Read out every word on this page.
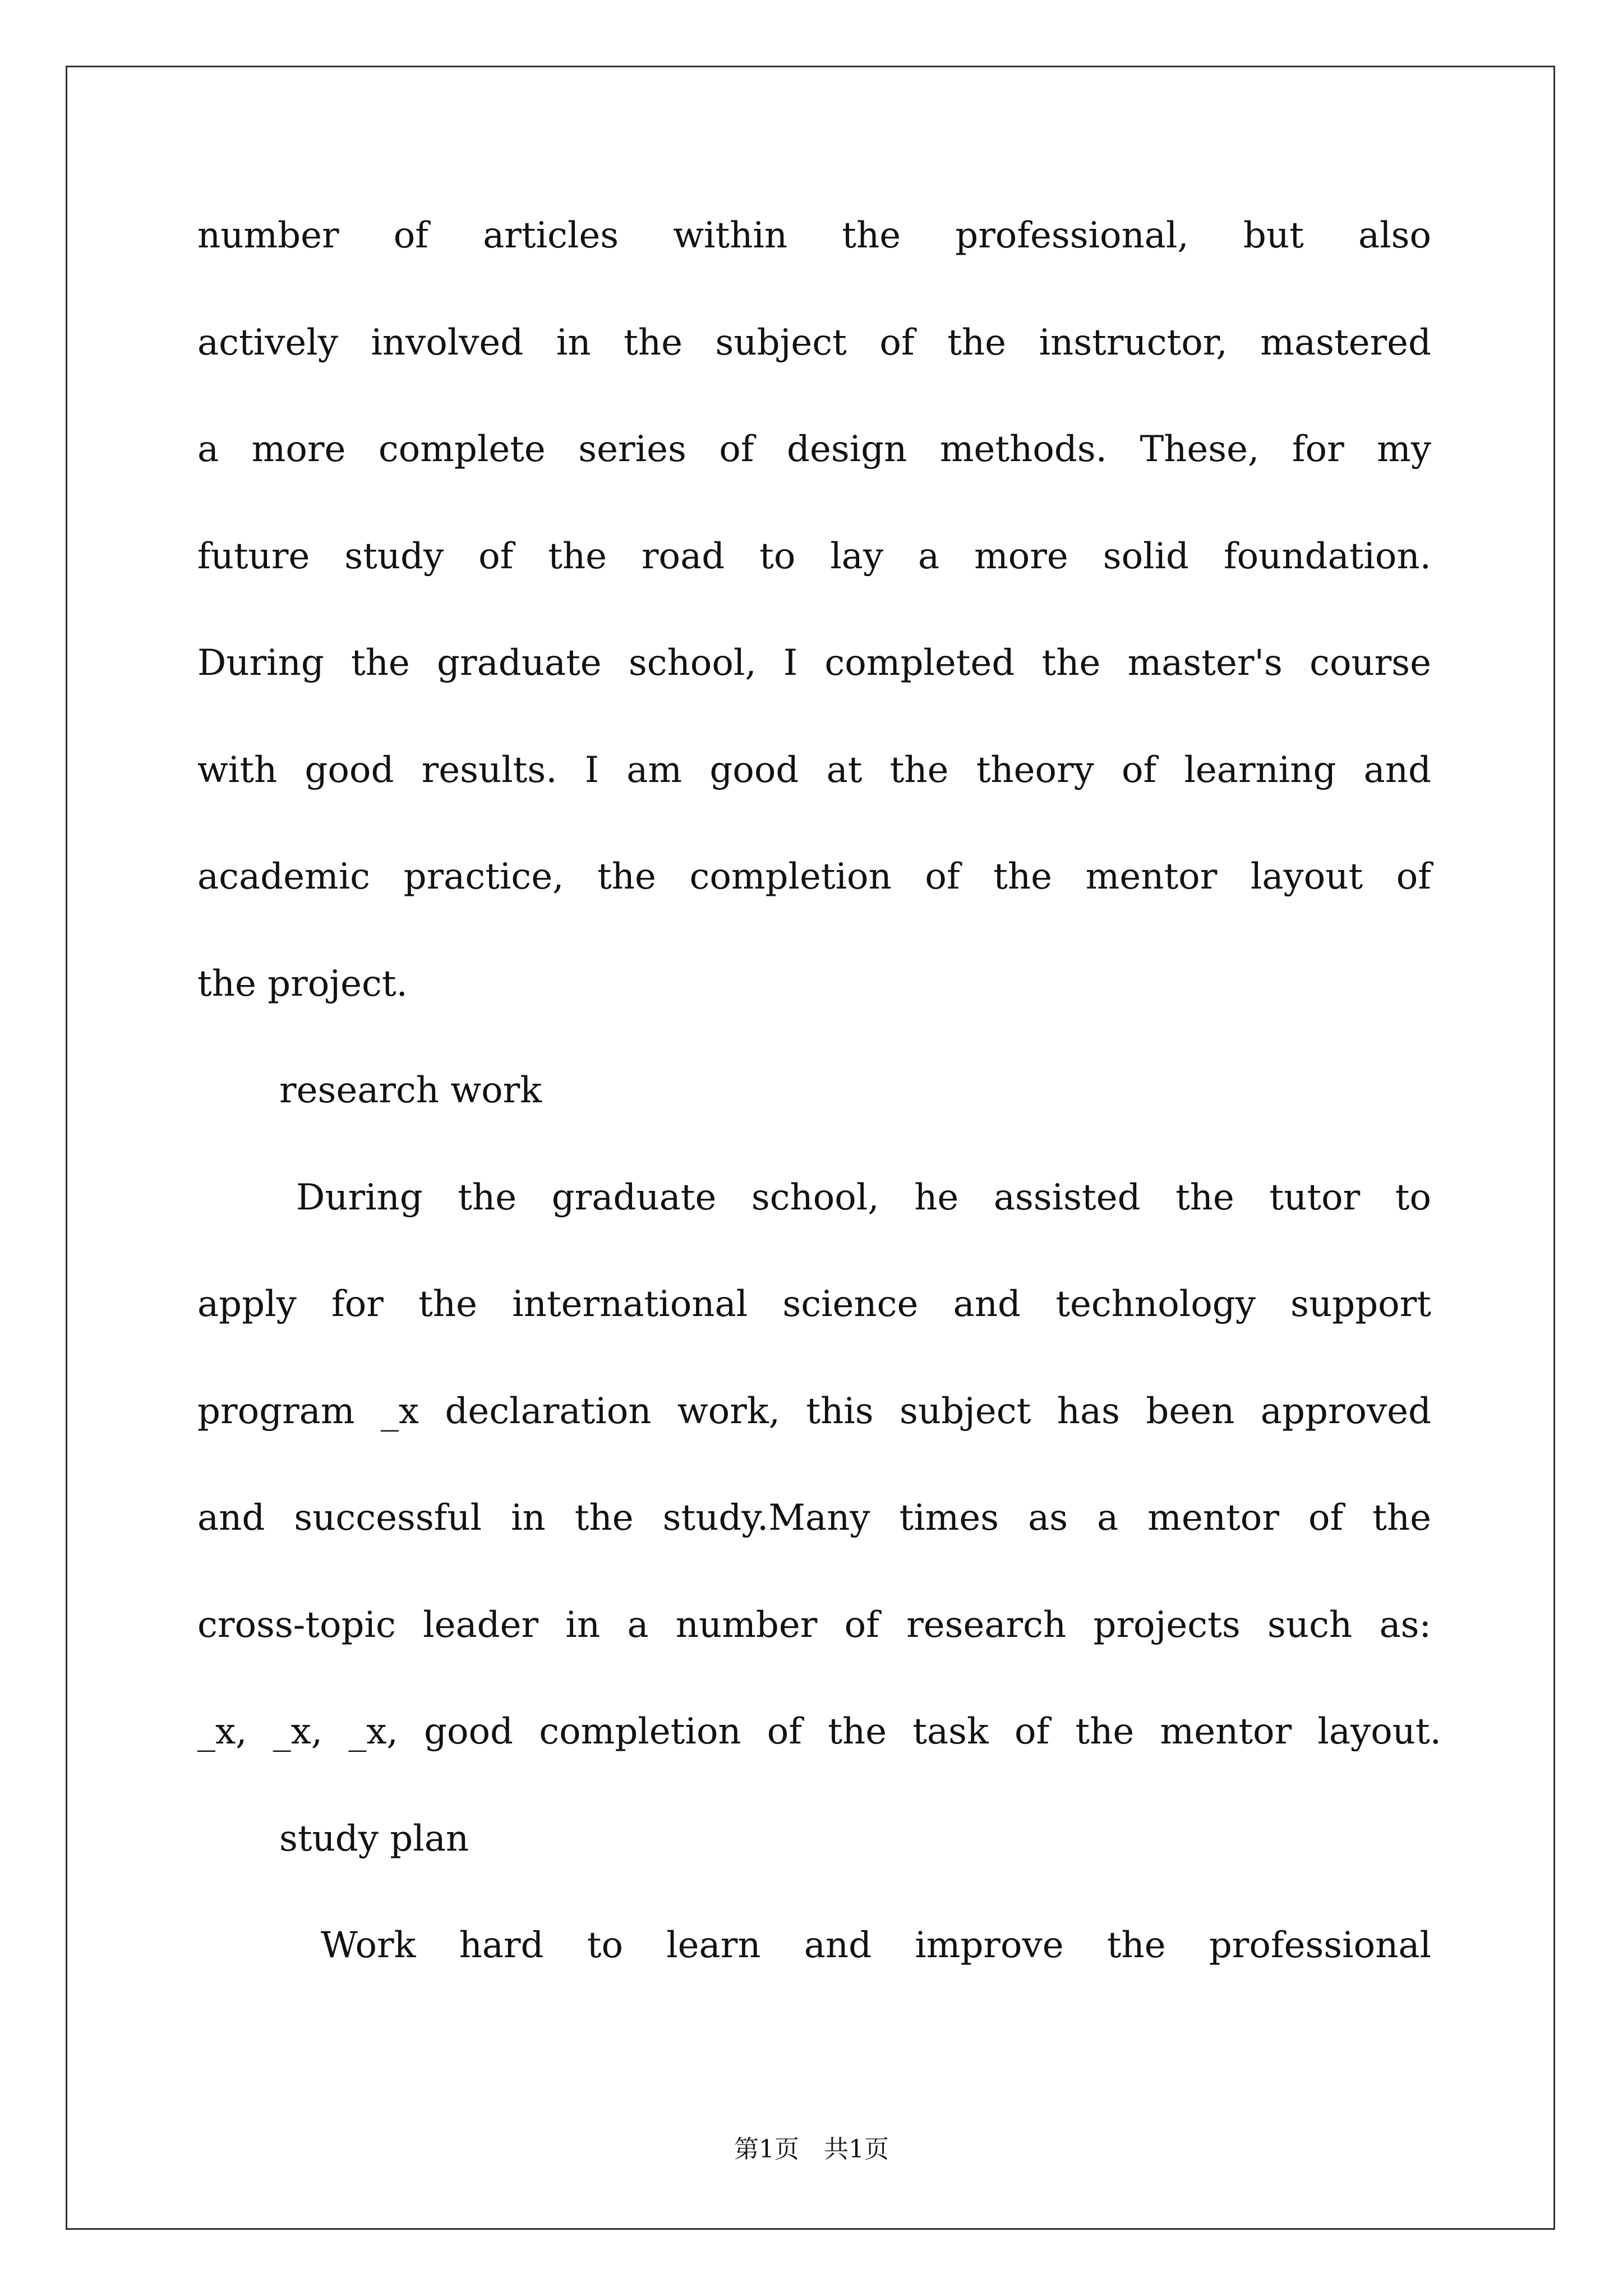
number of articles within the professional, but also
actively involved in the subject of the instructor, mastered
a more complete series of design methods. These, for my
future study of the road to lay a more solid foundation.
During the graduate school, I completed the master's course
with good results. I am good at the theory of learning and
academic practice, the completion of the mentor layout of
the project.
research work
During the graduate school, he assisted the tutor to
apply for the international science and technology support
program _x declaration work, this subject has been approved
and successful in the study.Many times as a mentor of the
cross-topic leader in a number of research projects such as:
_x, _x, _x, good completion of the task of the mentor layout.
study plan
Work hard to learn and improve the professional
第1页　共1页
